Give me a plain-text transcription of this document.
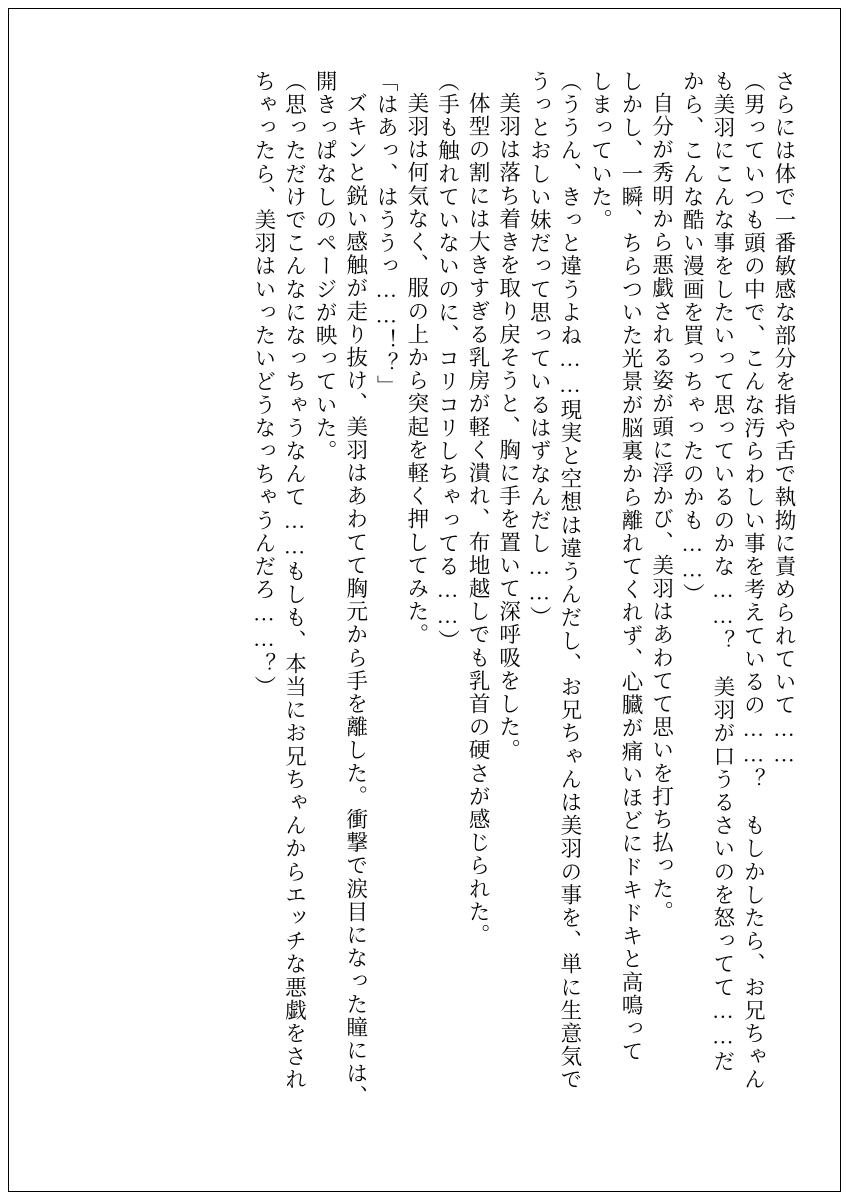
さらには体で一番敏感な部分を指や舌で執拗に責められていて……
（男っていつも頭の中で、こんな汚らわしい事を考えているの……？　もしかしたら、お兄ちゃん
も美羽にこんな事をしたいって思っているのかな……？　美羽が口うるさいのを怒ってて……だ
から、こんな酷い漫画を買っちゃったのかも……）
自分が秀明から悪戯される姿が頭に浮かび、美羽はあわてて思いを打ち払った。
しかし、一瞬、ちらついた光景が脳裏から離れてくれず、心臓が痛いほどにドキドキと高鳴って
しまっていた。
（ううん、きっと違うよね……現実と空想は違うんだし、お兄ちゃんは美羽の事を、単に生意気で
うっとおしい妹だって思っているはずなんだし……）
美羽は落ち着きを取り戻そうと、胸に手を置いて深呼吸をした。
体型の割には大きすぎる乳房が軽く潰れ、布地越しでも乳首の硬さが感じられた。
（手も触れていないのに、コリコリしちゃってる……）
美羽は何気なく、服の上から突起を軽く押してみた。
「はあっ、はううっ……！？」
ズキンと鋭い感触が走り抜け、美羽はあわてて胸元から手を離した。衝撃で涙目になった瞳には、
開きっぱなしのページが映っていた。
（思っただけでこんなになっちゃうなんて……もしも、本当にお兄ちゃんからエッチな悪戯をされ
ちゃったら、美羽はいったいどうなっちゃうんだろ……？）
